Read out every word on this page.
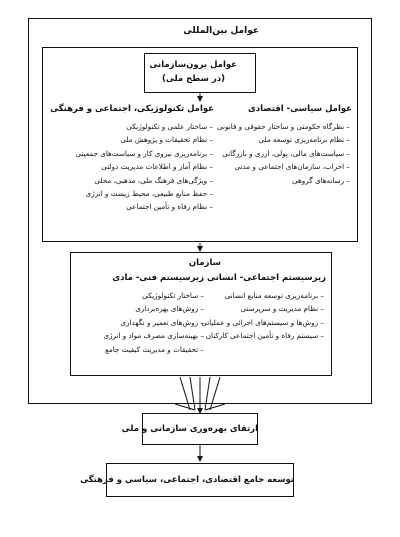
عوامل بین‌المللی
عوامل برون‌سازمانی
(در سطح ملی)
عوامل سیاسی- اقتصادی
– نظرگاه حکومتی و ساختار حقوقی و قانونی
– نظام برنامه‌ریزی توسعه ملی
– سیاست‌های مالی، پولی، ارزی و بازرگانی
– احزاب، سازمان‌های اجتماعی و مدنی
– رسانه‌های گروهی
عوامل تکنولوژیکی، اجتماعی و فرهنگی
– ساختار علمی و تکنولوژیکی
– نظام تحقیقات و پژوهش ملی
– برنامه‌ریزی نیروی کار و سیاست‌های جمعیتی
– نظام آمار و اطلاعات مدیریت دولتی
– ویژگی‌های فرهنگ ملی، مذهبی، محلی
– حفظ منابع طبیعی، محیط زیست و انرژی
– نظام رفاه و تأمین اجتماعی
سازمان
زیرسیستم اجتماعی- انسانی
– برنامه‌ریزی توسعه منابع انسانی
– نظام مدیریت و سرپرستی
– روش‌ها و سیستم‌های اجرائی و عملیاتی
– سیستم رفاه و تأمین اجتماعی کارکنان
زیرسیستم فنی- مادی
– ساختار تکنولوژیکی
– روش‌های بهره‌برداری
– روش‌های تعمیر و نگهداری
– بهینه‌سازی مصرف مواد و انرژی
– تحقیقات و مدیریت کیفیت جامع
ارتقای بهره‌وری سازمانی و ملی
توسعه جامع اقتصادی، اجتماعی، سیاسی و فرهنگی
